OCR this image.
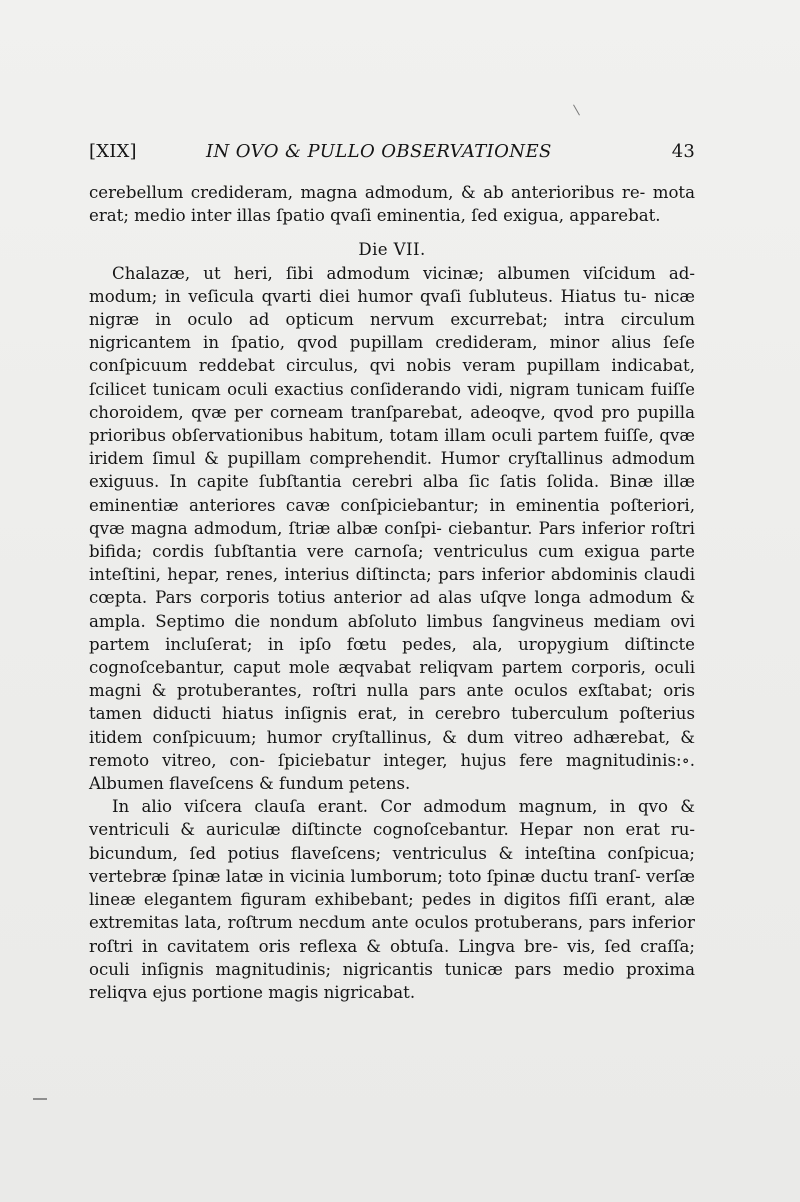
[XIX]	IN OVO & PULLO OBSERVATIONES	43

cerebellum credideram, magna admodum, & ab anterioribus re- mota erat; medio inter illas ſpatio qvaſi eminentia, ſed exigua, apparebat.

Die VII.

Chalazæ, ut heri, ſibi admodum vicinæ; albumen viſcidum ad- modum; in veſicula qvarti diei humor qvaſi ſubluteus. Hiatus tu- nicæ nigræ in oculo ad opticum nervum excurrebat; intra circulum nigricantem in ſpatio, qvod pupillam credideram, minor alius ſeſe conſpicuum reddebat circulus, qvi nobis veram pupillam indicabat, ſcilicet tunicam oculi exactius conſiderando vidi, nigram tunicam fuiſſe choroidem, qvæ per corneam tranſparebat, adeoqve, qvod pro pupilla prioribus obſervationibus habitum, totam illam oculi partem fuiſſe, qvæ iridem ſimul & pupillam comprehendit. Humor cryſtallinus admodum exiguus. In capite ſubſtantia cerebri alba ſic ſatis ſolida. Binæ illæ eminentiæ anteriores cavæ conſpiciebantur; in eminentia poſteriori, qvæ magna admodum, ſtriæ albæ conſpi- ciebantur. Pars inferior roſtri bifida; cordis ſubſtantia vere carnoſa; ventriculus cum exigua parte inteſtini, hepar, renes, interius diſtincta; pars inferior abdominis claudi cœpta. Pars corporis totius anterior ad alas uſqve longa admodum & ampla. Septimo die nondum abſoluto limbus ſangvineus mediam ovi partem incluſerat; in ipſo fœtu pedes, ala, uropygium diſtincte cognoſcebantur, caput mole æqvabat reliqvam partem corporis, oculi magni & protuberantes, roſtri nulla pars ante oculos exſtabat; oris tamen diducti hiatus inſignis erat, in cerebro tuberculum poſterius itidem conſpicuum; humor cryſtallinus, & dum vitreo adhærebat, & remoto vitreo, con- ſpiciebatur integer, hujus fere magnitudinis:∘. Albumen flaveſcens & fundum petens.

In alio viſcera clauſa erant. Cor admodum magnum, in qvo & ventriculi & auriculæ diſtincte cognoſcebantur. Hepar non erat ru- bicundum, ſed potius flaveſcens; ventriculus & inteſtina conſpicua; vertebræ ſpinæ latæ in vicinia lumborum; toto ſpinæ ductu tranſ- verſæ lineæ elegantem figuram exhibebant; pedes in digitos fiſſi erant, alæ extremitas lata, roſtrum necdum ante oculos protuberans, pars inferior roſtri in cavitatem oris reflexa & obtuſa. Lingva bre- vis, ſed craſſa; oculi inſignis magnitudinis; nigricantis tunicæ pars medio proxima reliqva ejus portione magis nigricabat.
